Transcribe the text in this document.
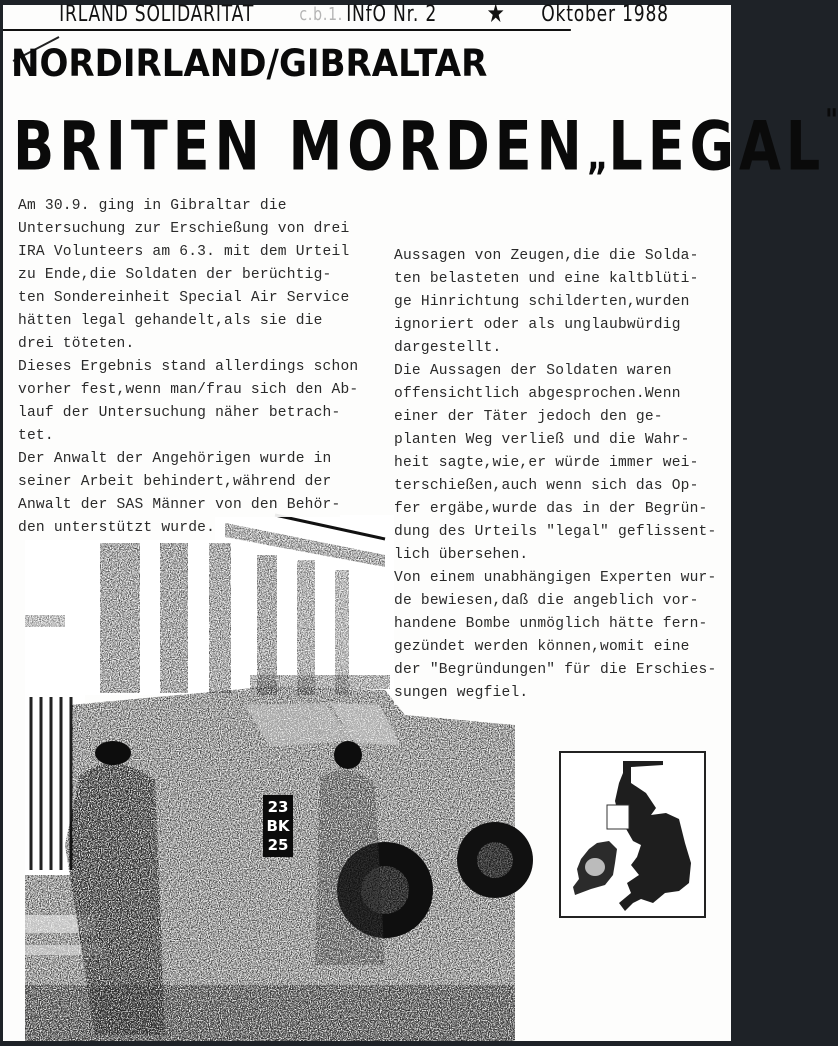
IRLAND SOLIDARITAT	c.b.1. INfO Nr. 2 ★ Oktober 1988
NORDIRLAND/GIBRALTAR
BRITEN MORDEN„LEGAL"
23
BK
25
Am 30.9. ging in Gibraltar die
Untersuchung zur Erschießung von drei
IRA Volunteers am 6.3. mit dem Urteil
zu Ende,die Soldaten der berüchtig-
ten Sondereinheit Special Air Service
hätten legal gehandelt,als sie die
drei töteten.
Dieses Ergebnis stand allerdings schon
vorher fest,wenn man/frau sich den Ab-
lauf der Untersuchung näher betrach-
tet.
Der Anwalt der Angehörigen wurde in
seiner Arbeit behindert,während der
Anwalt der SAS Männer von den Behör-
den unterstützt wurde.
Aussagen von Zeugen,die die Solda-
ten belasteten und eine kaltblüti-
ge Hinrichtung schilderten,wurden
ignoriert oder als unglaubwürdig
dargestellt.
Die Aussagen der Soldaten waren
offensichtlich abgesprochen.Wenn
einer der Täter jedoch den ge-
planten Weg verließ und die Wahr-
heit sagte,wie,er würde immer wei-
terschießen,auch wenn sich das Op-
fer ergäbe,wurde das in der Begrün-
dung des Urteils "legal" geflissent-
lich übersehen.
Von einem unabhängigen Experten wur-
de bewiesen,daß die angeblich vor-
handene Bombe unmöglich hätte fern-
gezündet werden können,womit eine
der "Begründungen" für die Erschies-
sungen wegfiel.
